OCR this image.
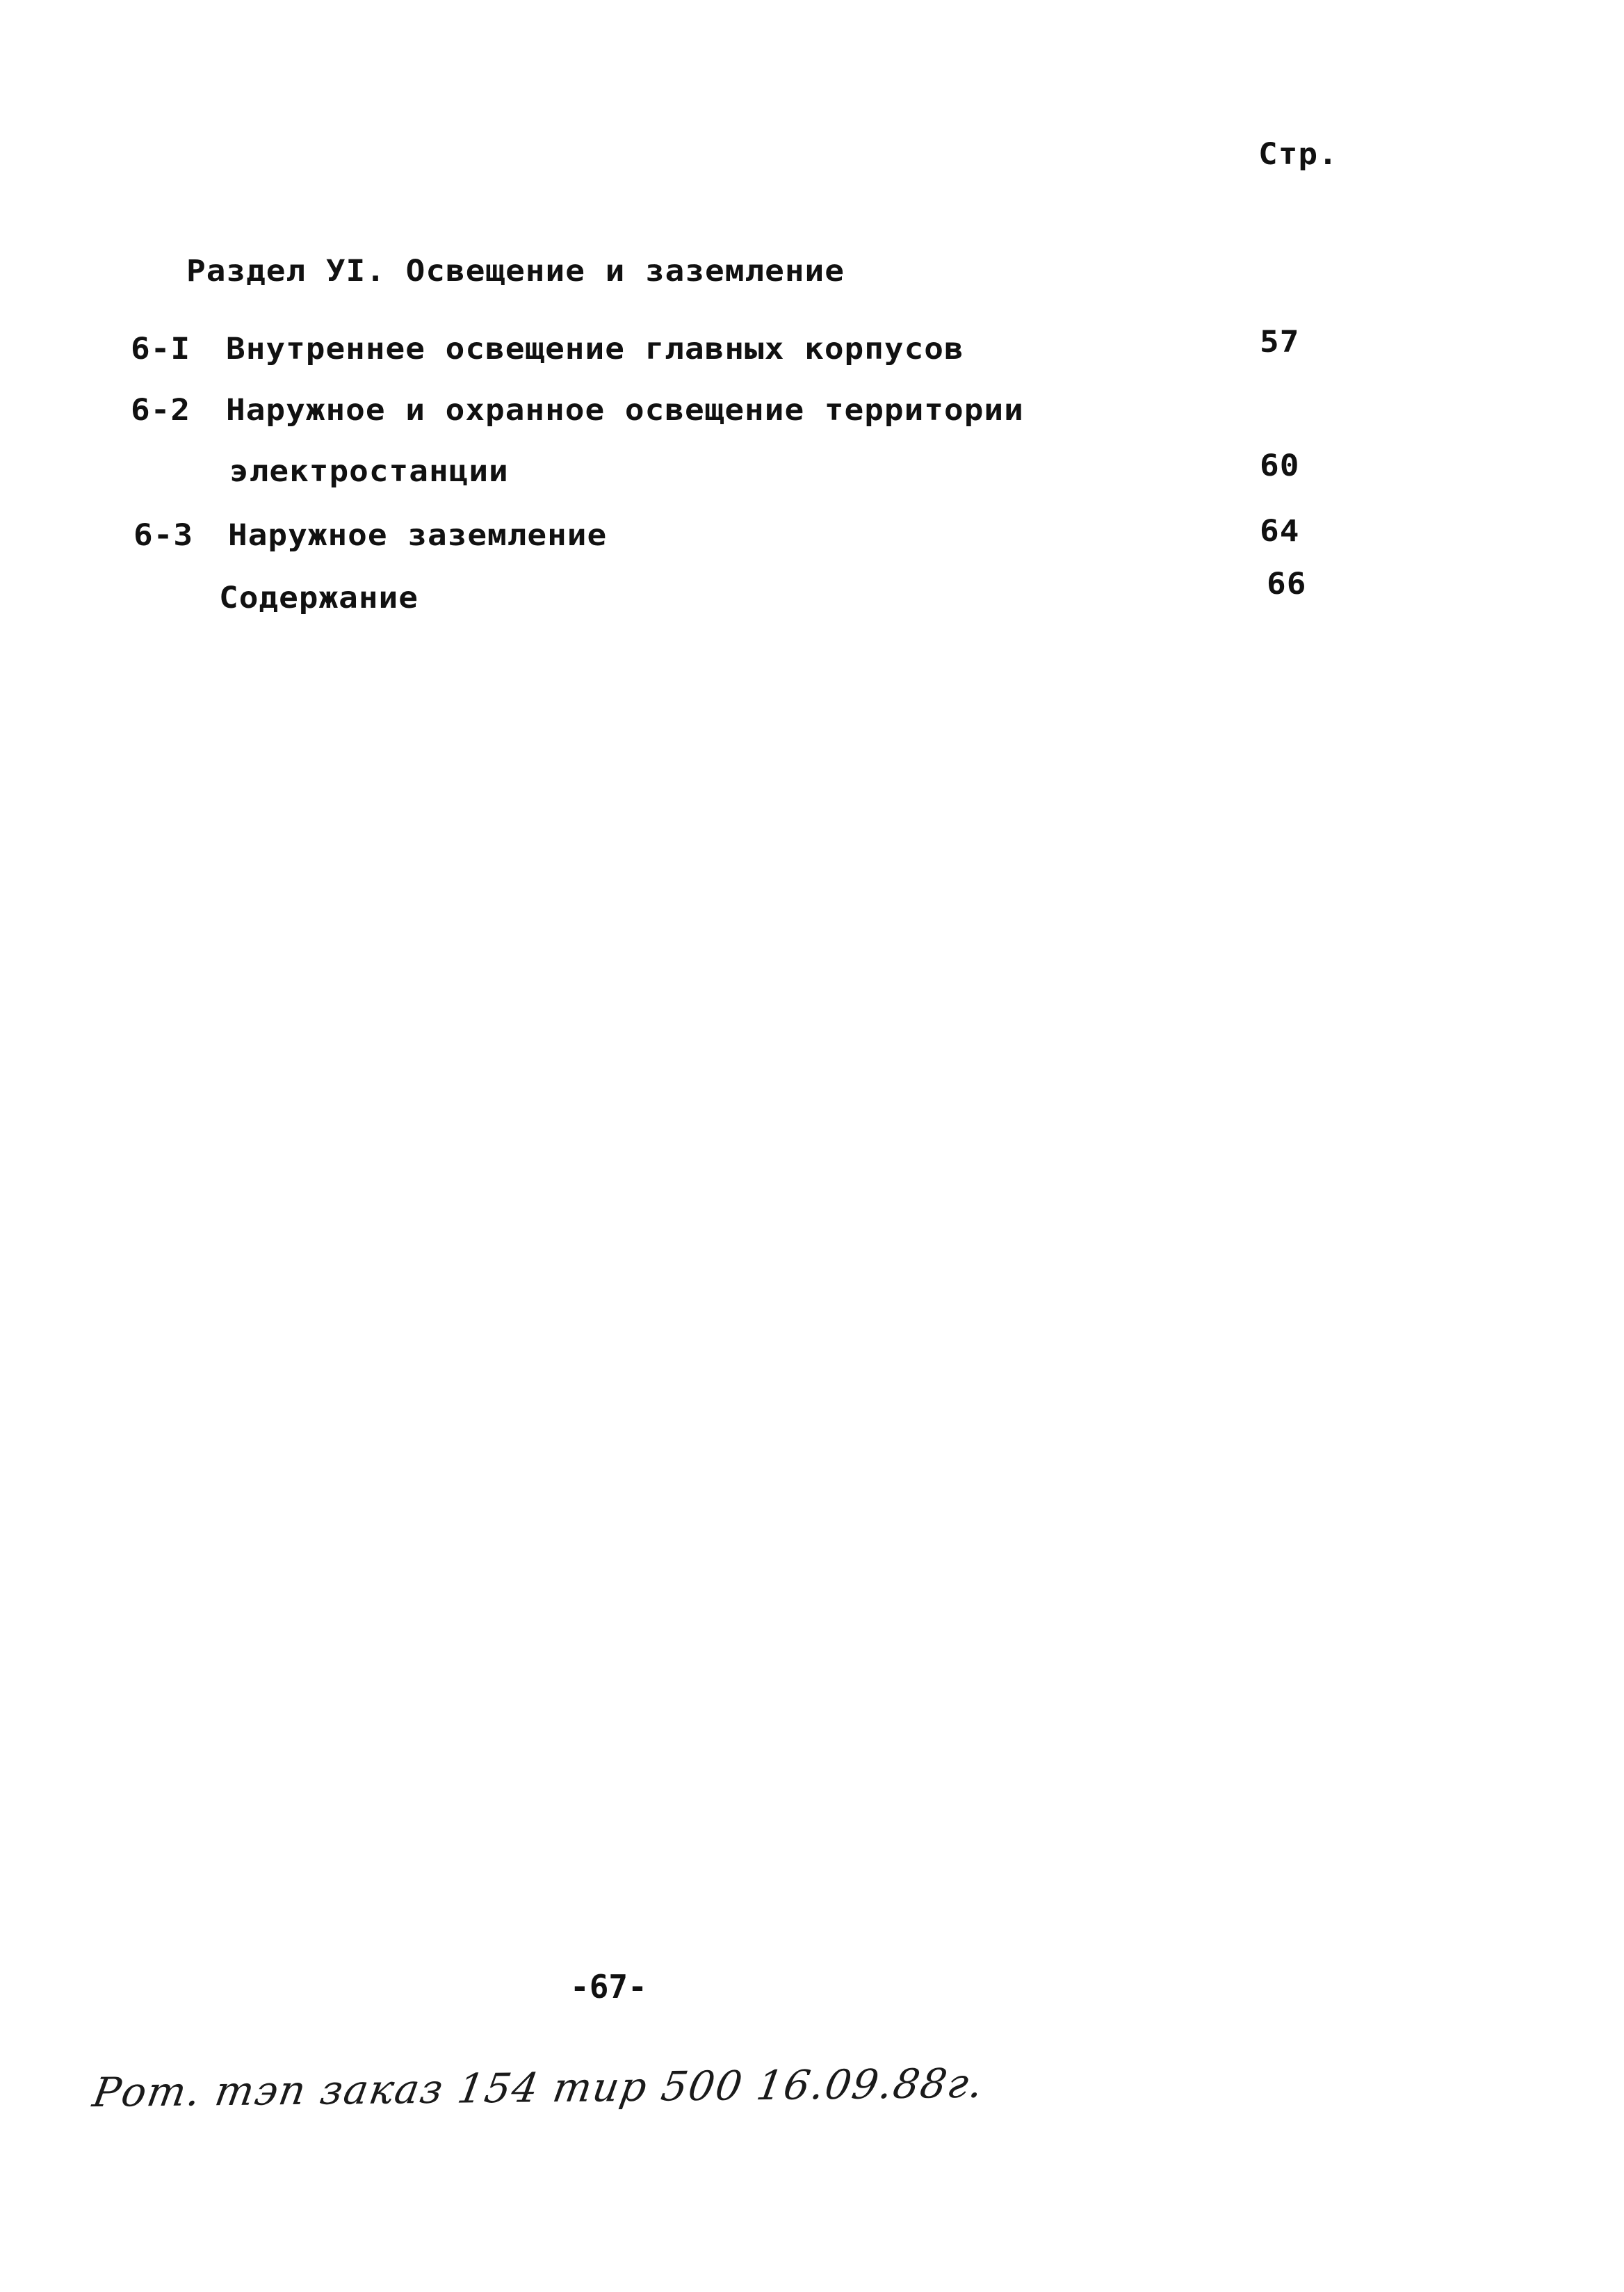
Стр.
Раздел УI. Освещение и заземление
6-I Внутреннее освещение главных корпусов	57
6-2 Наружное и охранное освещение территории
электростанции	60
6-3 Наружное заземление	64
Содержание	66
-67-
Рот. тэп заказ 154 тир 500 16.09.88г.
